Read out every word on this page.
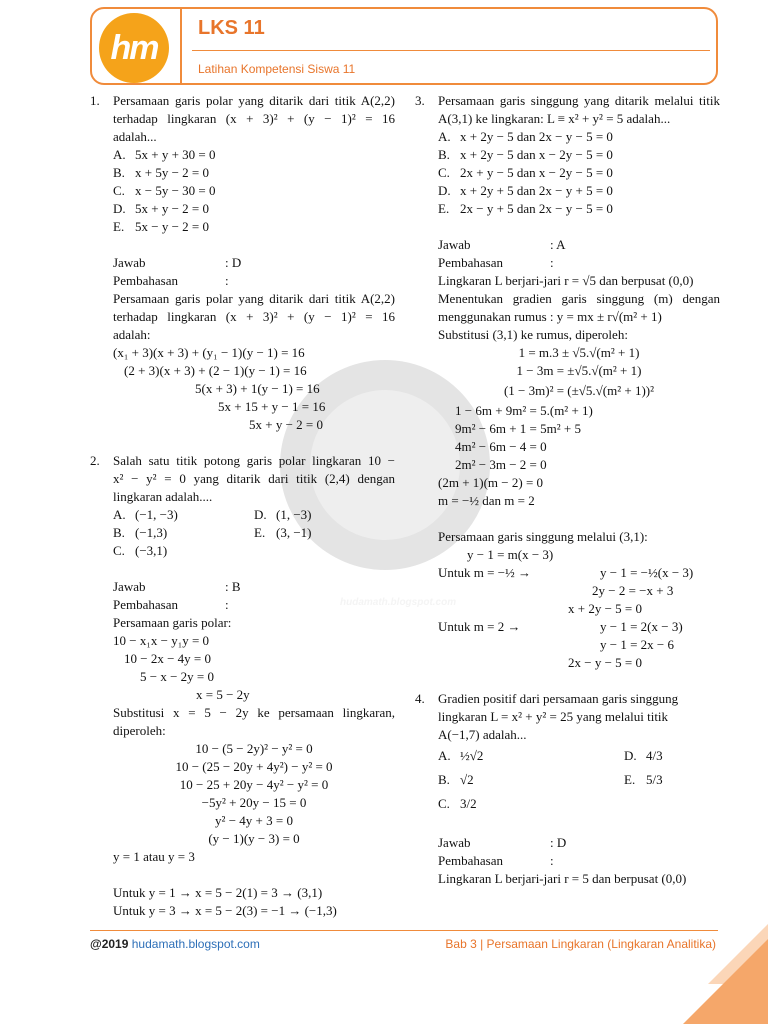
hm
LKS 11
Latihan Kompetensi Siswa 11
hudamath.blogspot.com
1. Persamaan garis polar yang ditarik dari titik A(2,2)
terhadap lingkaran (x + 3)² + (y − 1)² = 16
adalah...
A. 5x + y + 30 = 0
B. x + 5y − 2 = 0
C. x − 5y − 30 = 0
D. 5x + y − 2 = 0
E. 5x − y − 2 = 0
Jawab	: D
Pembahasan	:
Persamaan garis polar yang ditarik dari titik A(2,2)
terhadap lingkaran (x + 3)² + (y − 1)² = 16
adalah:
(x₁ + 3)(x + 3) + (y₁ − 1)(y − 1) = 16
(2 + 3)(x + 3) + (2 − 1)(y − 1) = 16
5(x + 3) + 1(y − 1) = 16
5x + 15 + y − 1 = 16
5x + y − 2 = 0
2. Salah satu titik potong garis polar lingkaran 10 −
x² − y² = 0 yang ditarik dari titik (2,4) dengan
lingkaran adalah....
A. (−1, −3)	D. (1, −3)
B. (−1,3)	E. (3, −1)
C. (−3,1)
Jawab	: B
Pembahasan	:
Persamaan garis polar:
10 − x₁x − y₁y = 0
10 − 2x − 4y = 0
5 − x − 2y = 0
x = 5 − 2y
Substitusi x = 5 − 2y ke persamaan lingkaran,
diperoleh:
10 − (5 − 2y)² − y² = 0
10 − (25 − 20y + 4y²) − y² = 0
10 − 25 + 20y − 4y² − y² = 0
−5y² + 20y − 15 = 0
y² − 4y + 3 = 0
(y − 1)(y − 3) = 0
y = 1 atau y = 3
Untuk y = 1 → x = 5 − 2(1) = 3 → (3,1)
Untuk y = 3 → x = 5 − 2(3) = −1 → (−1,3)
3. Persamaan garis singgung yang ditarik melalui titik
A(3,1) ke lingkaran: L ≡ x² + y² = 5 adalah...
A. x + 2y − 5 dan 2x − y − 5 = 0
B. x + 2y − 5 dan x − 2y − 5 = 0
C. 2x + y − 5 dan x − 2y − 5 = 0
D. x + 2y + 5 dan 2x − y + 5 = 0
E. 2x − y + 5 dan 2x − y − 5 = 0
Jawab	: A
Pembahasan	:
Lingkaran L berjari-jari r = √5 dan berpusat (0,0)
Menentukan gradien garis singgung (m) dengan
menggunakan rumus : y = mx ± r√(m² + 1)
Substitusi (3,1) ke rumus, diperoleh:
1 = m.3 ± √5.√(m² + 1)
1 − 3m = ±√5.√(m² + 1)
(1 − 3m)² = (±√5.√(m² + 1))²
1 − 6m + 9m² = 5.(m² + 1)
9m² − 6m + 1 = 5m² + 5
4m² − 6m − 4 = 0
2m² − 3m − 2 = 0
(2m + 1)(m − 2) = 0
m = −½ dan m = 2
Persamaan garis singgung melalui (3,1):
y − 1 = m(x − 3)
Untuk m = −½ →	y − 1 = −½(x − 3)
2y − 2 = −x + 3
x + 2y − 5 = 0
Untuk m = 2 →	y − 1 = 2(x − 3)
y − 1 = 2x − 6
2x − y − 5 = 0
4. Gradien positif dari persamaan garis singgung
lingkaran L = x² + y² = 25 yang melalui titik
A(−1,7) adalah...
A. ½√2	D. 4/3
B. √2	E. 5/3
C. 3/2
Jawab	: D
Pembahasan	:
Lingkaran L berjari-jari r = 5 dan berpusat (0,0)
@2019 hudamath.blogspot.com	Bab 3 | Persamaan Lingkaran (Lingkaran Analitika)
